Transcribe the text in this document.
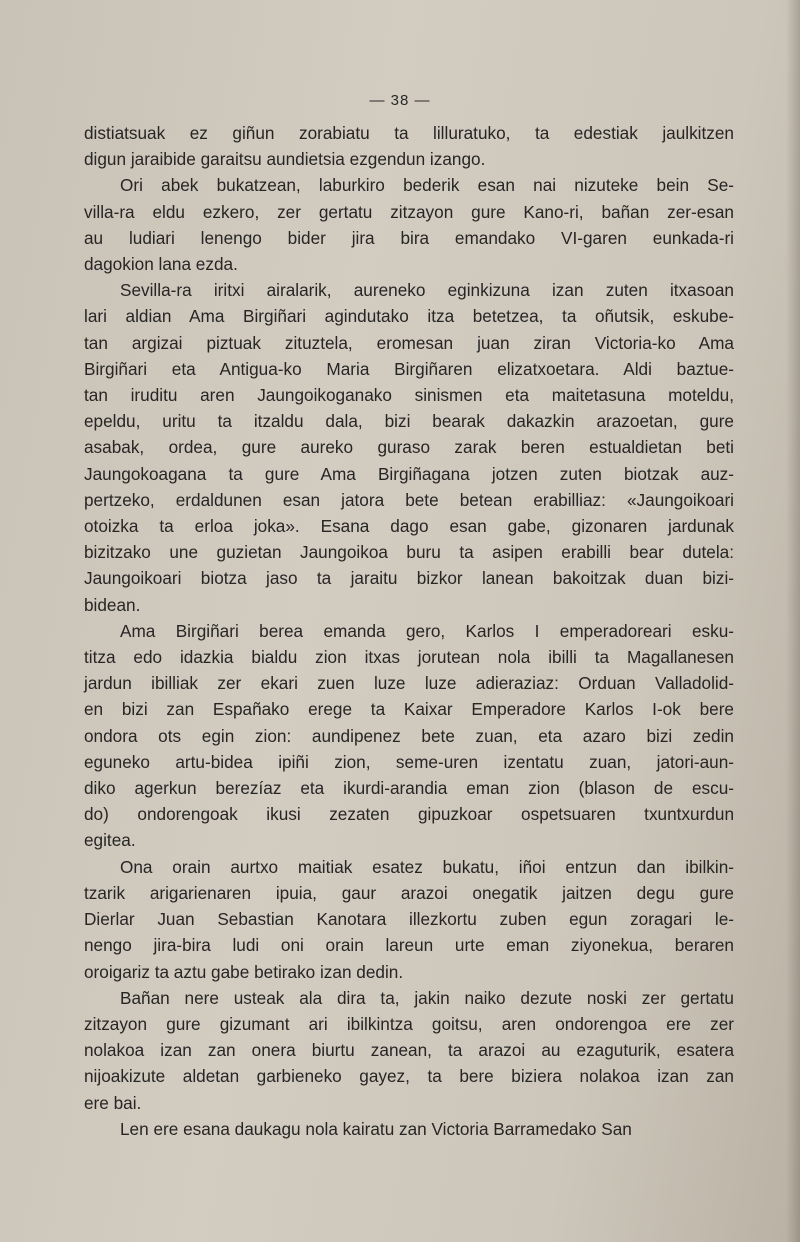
— 38 —
distiatsuak ez giñun zorabiatu ta lilluratuko, ta edestiak jaulkitzen
digun jaraibide garaitsu aundietsia ezgendun izango.
Ori abek bukatzean, laburkiro bederik esan nai nizuteke bein Se-
villa-ra eldu ezkero, zer gertatu zitzayon gure Kano-ri, bañan zer-esan
au ludiari lenengo bider jira bira emandako VI-garen eunkada-ri
dagokion lana ezda.
Sevilla-ra iritxi airalarik, aureneko eginkizuna izan zuten itxasoan
lari aldian Ama Birgiñari agindutako itza betetzea, ta oñutsik, eskube-
tan argizai piztuak zituztela, eromesan juan ziran Victoria-ko Ama
Birgiñari eta Antigua-ko Maria Birgiñaren elizatxoetara. Aldi baztue-
tan iruditu aren Jaungoikoganako sinismen eta maitetasuna moteldu,
epeldu, uritu ta itzaldu dala, bizi bearak dakazkin arazoetan, gure
asabak, ordea, gure aureko guraso zarak beren estualdietan beti
Jaungokoagana ta gure Ama Birgiñagana jotzen zuten biotzak auz-
pertzeko, erdaldunen esan jatora bete betean erabilliaz: «Jaungoikoari
otoizka ta erloa joka». Esana dago esan gabe, gizonaren jardunak
bizitzako une guzietan Jaungoikoa buru ta asipen erabilli bear dutela:
Jaungoikoari biotza jaso ta jaraitu bizkor lanean bakoitzak duan bizi-
bidean.
Ama Birgiñari berea emanda gero, Karlos I emperadoreari esku-
titza edo idazkia bialdu zion itxas jorutean nola ibilli ta Magallanesen
jardun ibilliak zer ekari zuen luze luze adieraziaz: Orduan Valladolid-
en bizi zan Españako erege ta Kaixar Emperadore Karlos I-ok bere
ondora ots egin zion: aundipenez bete zuan, eta azaro bizi zedin
eguneko artu-bidea ipiñi zion, seme-uren izentatu zuan, jatori-aun-
diko agerkun berezíaz eta ikurdi-arandia eman zion (blason de escu-
do) ondorengoak ikusi zezaten gipuzkoar ospetsuaren txuntxurdun
egitea.
Ona orain aurtxo maitiak esatez bukatu, iñoi entzun dan ibilkin-
tzarik arigarienaren ipuia, gaur arazoi onegatik jaitzen degu gure
Dierlar Juan Sebastian Kanotara illezkortu zuben egun zoragari le-
nengo jira-bira ludi oni orain lareun urte eman ziyonekua, beraren
oroigariz ta aztu gabe betirako izan dedin.
Bañan nere usteak ala dira ta, jakin naiko dezute noski zer gertatu
zitzayon gure gizumant ari ibilkintza goitsu, aren ondorengoa ere zer
nolakoa izan zan onera biurtu zanean, ta arazoi au ezaguturik, esatera
nijoakizute aldetan garbieneko gayez, ta bere biziera nolakoa izan zan
ere bai.
Len ere esana daukagu nola kairatu zan Victoria Barramedako San
